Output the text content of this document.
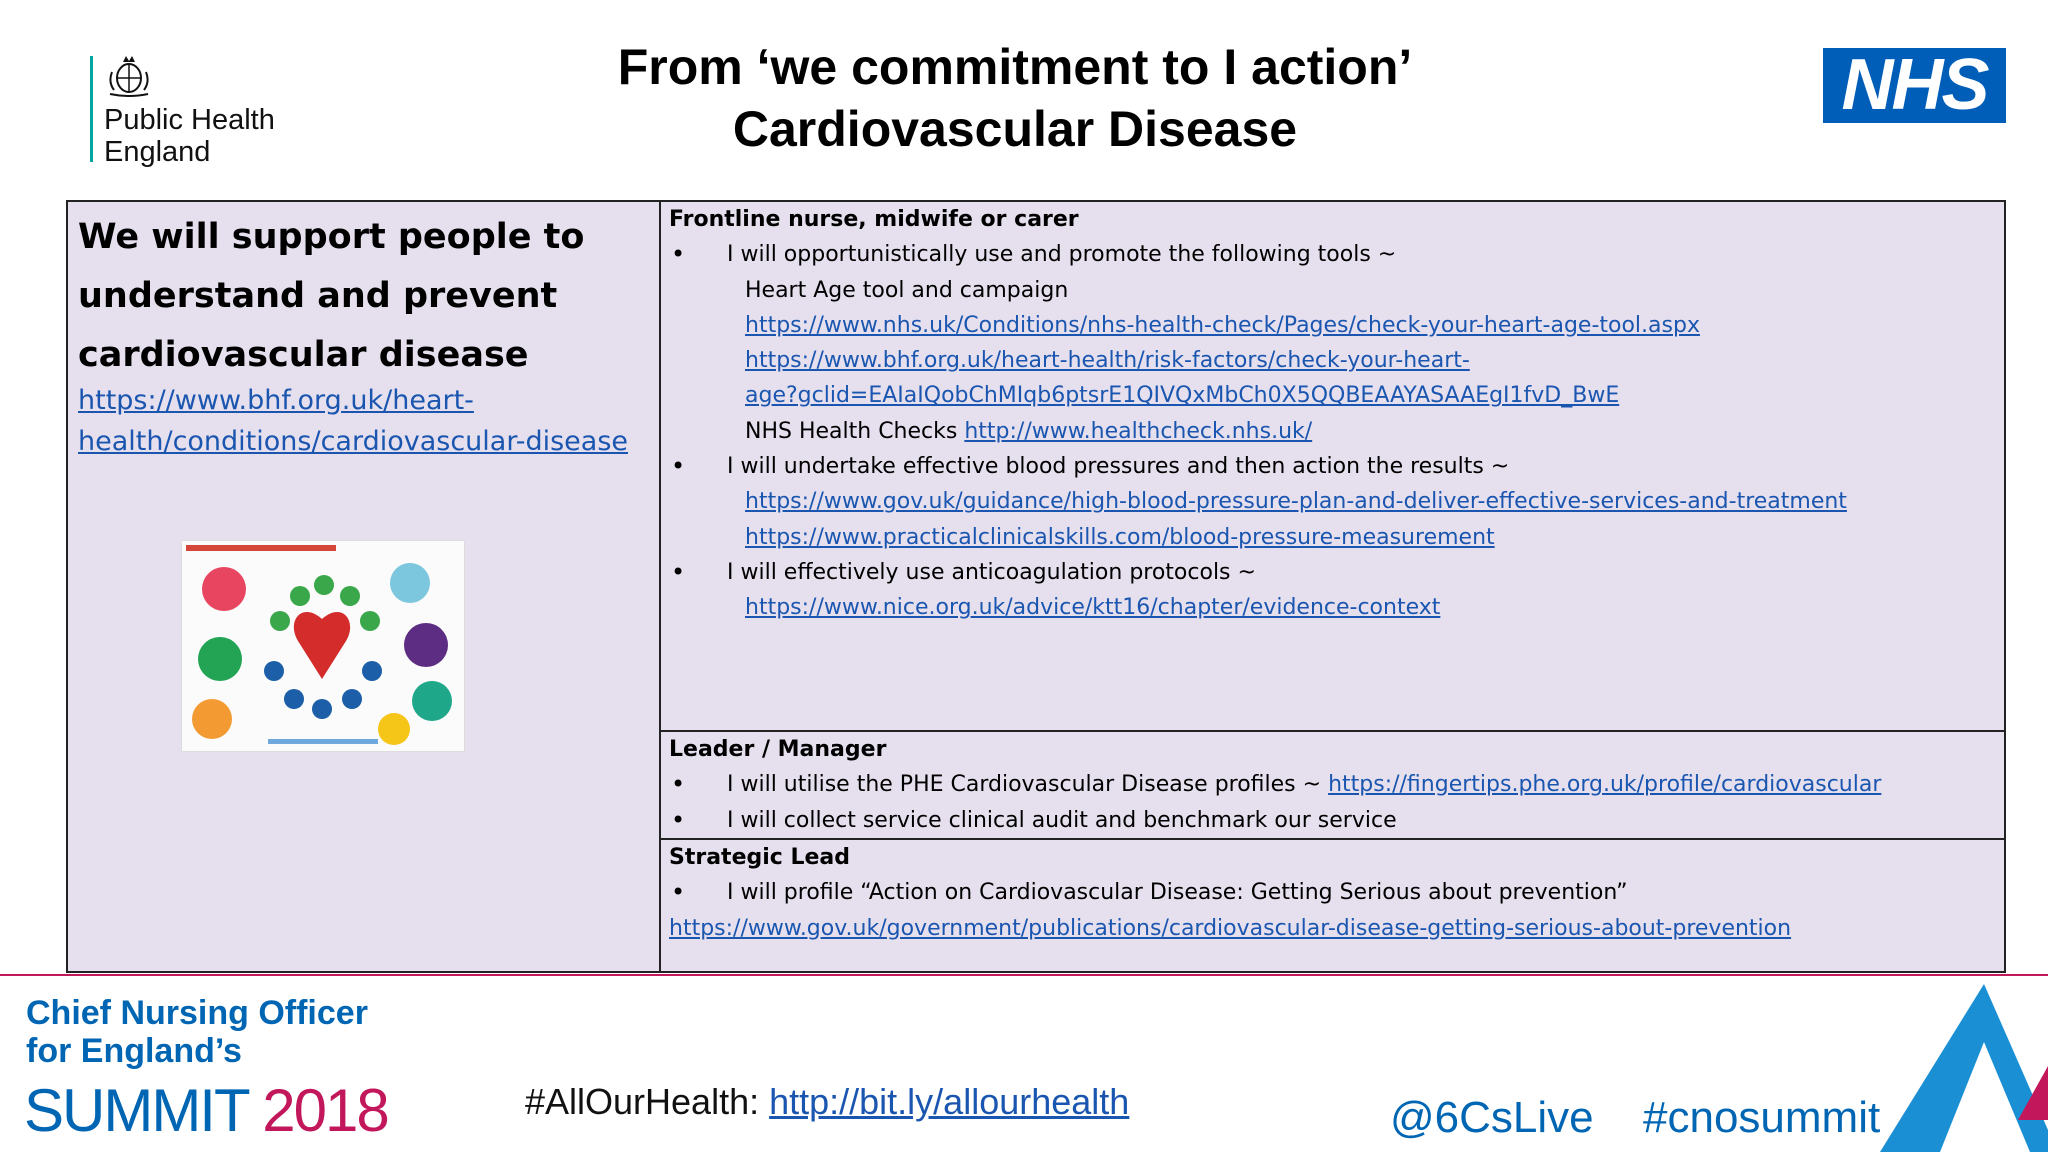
Public Health
England
From ‘we commitment to I action’
Cardiovascular Disease
NHS
We will support people to understand and prevent cardiovascular disease
https://www.bhf.org.uk/heart-health/conditions/cardiovascular-disease
Frontline nurse, midwife or carer
• I will opportunistically use and promote the following tools ~
Heart Age tool and campaign
https://www.nhs.uk/Conditions/nhs-health-check/Pages/check-your-heart-age-tool.aspx
https://www.bhf.org.uk/heart-health/risk-factors/check-your-heart-
age?gclid=EAIaIQobChMIqb6ptsrE1QIVQxMbCh0X5QQBEAAYASAAEgI1fvD_BwE
NHS Health Checks http://www.healthcheck.nhs.uk/
• I will undertake effective blood pressures and then action the results ~
https://www.gov.uk/guidance/high-blood-pressure-plan-and-deliver-effective-services-and-treatment
https://www.practicalclinicalskills.com/blood-pressure-measurement
• I will effectively use anticoagulation protocols ~
https://www.nice.org.uk/advice/ktt16/chapter/evidence-context
Leader / Manager
• I will utilise the PHE Cardiovascular Disease profiles ~ https://fingertips.phe.org.uk/profile/cardiovascular
• I will collect service clinical audit and benchmark our service
Strategic Lead
• I will profile “Action on Cardiovascular Disease: Getting Serious about prevention”
https://www.gov.uk/government/publications/cardiovascular-disease-getting-serious-about-prevention
Chief Nursing Officer
for England’s
SUMMIT 2018	#AllOurHealth: http://bit.ly/allourhealth	@6CsLive #cnosummit
